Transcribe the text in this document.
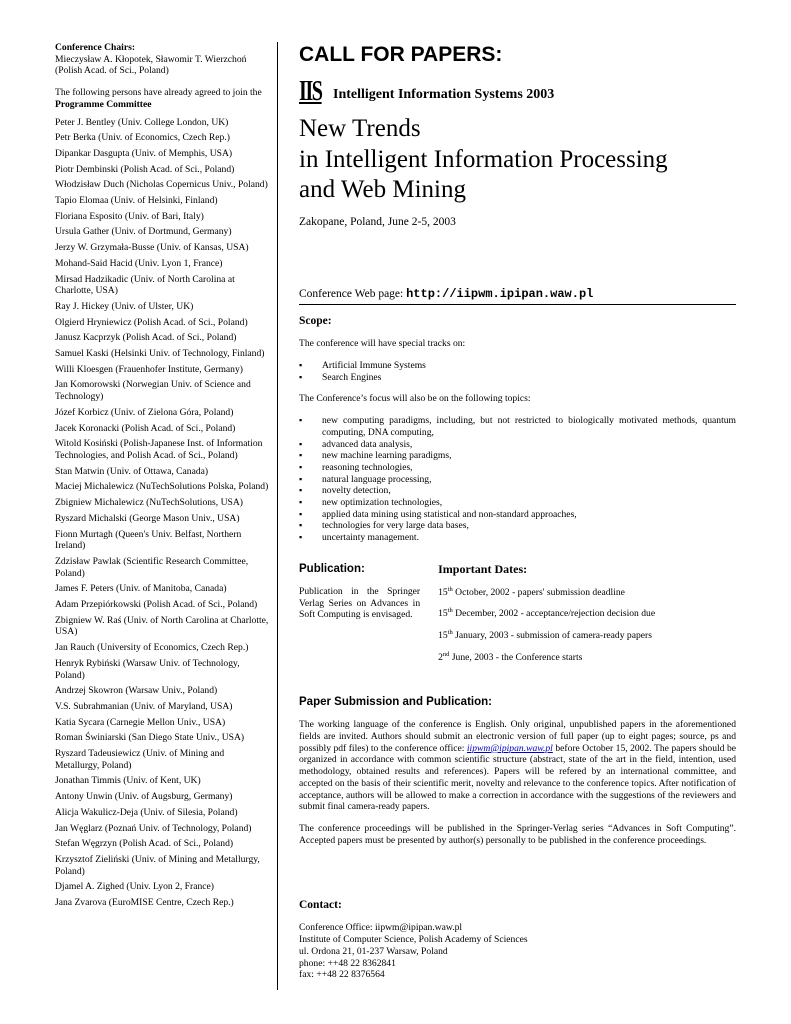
Conference Chairs:
Mieczysław A. Kłopotek, Sławomir T. Wierzchoń
(Polish Acad. of Sci., Poland)
The following persons have already agreed to join the Programme Committee
Peter J. Bentley (Univ. College London, UK)
Petr Berka (Univ. of Economics, Czech Rep.)
Dipankar Dasgupta (Univ. of Memphis, USA)
Piotr Dembinski (Polish Acad. of Sci., Poland)
Włodzisław Duch (Nicholas Copernicus Univ., Poland)
Tapio Elomaa (Univ. of Helsinki, Finland)
Floriana Esposito (Univ. of Bari, Italy)
Ursula Gather (Univ. of Dortmund, Germany)
Jerzy W. Grzymała-Busse (Univ. of Kansas, USA)
Mohand-Said Hacid (Univ. Lyon 1, France)
Mirsad Hadzikadic (Univ. of North Carolina at Charlotte, USA)
Ray J. Hickey (Univ. of Ulster, UK)
Olgierd Hryniewicz (Polish Acad. of Sci., Poland)
Janusz Kacprzyk (Polish Acad. of Sci., Poland)
Samuel Kaski (Helsinki Univ. of Technology, Finland)
Willi Kloesgen (Frauenhofer Institute, Germany)
Jan Komorowski (Norwegian Univ. of Science and Technology)
Józef Korbicz (Univ. of Zielona Góra, Poland)
Jacek Koronacki (Polish Acad. of Sci., Poland)
Witold Kosiński (Polish-Japanese Inst. of Information Technologies, and Polish Acad. of Sci., Poland)
Stan Matwin (Univ. of Ottawa, Canada)
Maciej Michalewicz (NuTechSolutions Polska, Poland)
Zbigniew Michalewicz (NuTechSolutions, USA)
Ryszard Michalski (George Mason Univ., USA)
Fionn Murtagh (Queen's Univ. Belfast, Northern Ireland)
Zdzisław Pawlak (Scientific Research Committee, Poland)
James F. Peters (Univ. of Manitoba, Canada)
Adam Przepiórkowski (Polish Acad. of Sci., Poland)
Zbigniew W. Raś (Univ. of North Carolina at Charlotte, USA)
Jan Rauch (University of Economics, Czech Rep.)
Henryk Rybiński (Warsaw Univ. of Technology, Poland)
Andrzej Skowron (Warsaw Univ., Poland)
V.S. Subrahmanian (Univ. of Maryland, USA)
Katia Sycara (Carnegie Mellon Univ., USA)
Roman Świniarski (San Diego State Univ., USA)
Ryszard Tadeusiewicz (Univ. of Mining and Metallurgy, Poland)
Jonathan Timmis (Univ. of Kent, UK)
Antony Unwin (Univ. of Augsburg, Germany)
Alicja Wakulicz-Deja (Univ. of Silesia, Poland)
Jan Węglarz (Poznań Univ. of Technology, Poland)
Stefan Węgrzyn (Polish Acad. of Sci., Poland)
Krzysztof Zieliński (Univ. of Mining and Metallurgy, Poland)
Djamel A. Zighed (Univ. Lyon 2, France)
Jana Zvarova (EuroMISE Centre, Czech Rep.)
CALL FOR PAPERS:
IIS Intelligent Information Systems 2003
New Trends
in Intelligent Information Processing
and Web Mining
Zakopane, Poland, June 2-5, 2003
Conference Web page: http://iipwm.ipipan.waw.pl
Scope:
The conference will have special tracks on:
▪ Artificial Immune Systems
▪ Search Engines
The Conference’s focus will also be on the following topics:
▪ new computing paradigms, including, but not restricted to biologically motivated methods, quantum computing, DNA computing,
▪ advanced data analysis,
▪ new machine learning paradigms,
▪ reasoning technologies,
▪ natural language processing,
▪ novelty detection,
▪ new optimization technologies,
▪ applied data mining using statistical and non-standard approaches,
▪ technologies for very large data bases,
▪ uncertainty management.
Publication:
Publication in the Springer Verlag Series on Advances in Soft Computing is envisaged.
Important Dates:
15th October, 2002 - papers' submission deadline
15th December, 2002 - acceptance/rejection decision due
15th January, 2003 - submission of camera-ready papers
2nd June, 2003 - the Conference starts
Paper Submission and Publication:
The working language of the conference is English. Only original, unpublished papers in the aforementioned fields are invited. Authors should submit an electronic version of full paper (up to eight pages; source, ps and possibly pdf files) to the conference office: iipwm@ipipan.waw.pl before October 15, 2002. The papers should be organized in accordance with common scientific structure (abstract, state of the art in the field, intention, used methodology, obtained results and references). Papers will be refered by an international committee, and accepted on the basis of their scientific merit, novelty and relevance to the conference topics. After notification of acceptance, authors will be allowed to make a correction in accordance with the suggestions of the reviewers and submit final camera-ready papers.
The conference proceedings will be published in the Springer-Verlag series “Advances in Soft Computing”. Accepted papers must be presented by author(s) personally to be published in the conference proceedings.
Contact:
Conference Office: iipwm@ipipan.waw.pl
Institute of Computer Science, Polish Academy of Sciences
ul. Ordona 21, 01-237 Warsaw, Poland
phone: ++48 22 8362841
fax: ++48 22 8376564
